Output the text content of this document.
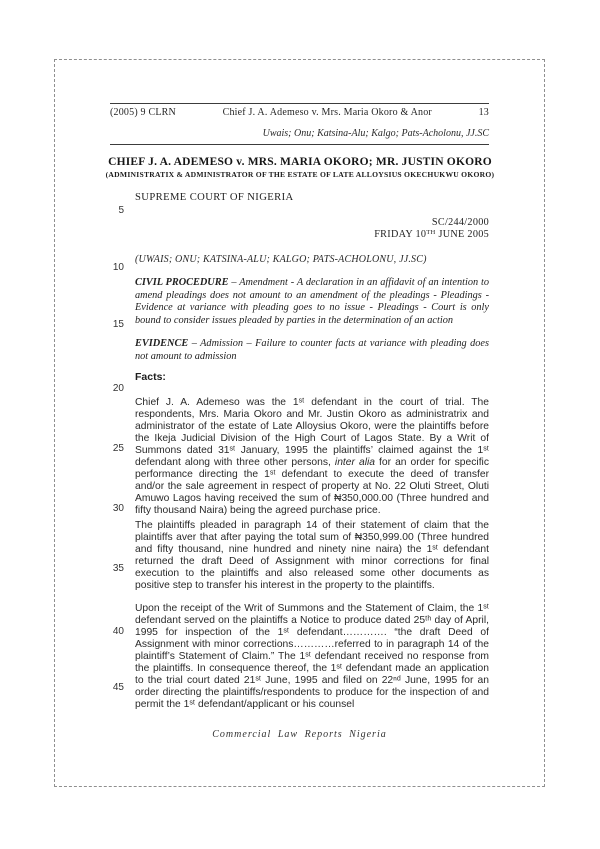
(2005) 9 CLRN	Chief J. A. Ademeso v. Mrs. Maria Okoro & Anor	13
Uwais; Onu; Katsina-Alu; Kalgo; Pats-Acholonu, JJ.SC
CHIEF J. A. ADEMESO v. MRS. MARIA OKORO; MR. JUSTIN OKORO
(ADMINISTRATIX & ADMINISTRATOR OF THE ESTATE OF LATE ALLOYSIUS OKECHUKWU OKORO)
SUPREME COURT OF NIGERIA
SC/244/2000
FRIDAY 10TH JUNE 2005
(UWAIS; ONU; KATSINA-ALU; KALGO; PATS-ACHOLONU, JJ.SC)
CIVIL PROCEDURE – Amendment - A declaration in an affidavit of an intention to amend pleadings does not amount to an amendment of the pleadings - Pleadings - Evidence at variance with pleading goes to no issue - Pleadings - Court is only bound to consider issues pleaded by parties in the determination of an action
EVIDENCE – Admission – Failure to counter facts at variance with pleading does not amount to admission
Facts:
Chief J. A. Ademeso was the 1ˢᵗ defendant in the court of trial. The respondents, Mrs. Maria Okoro and Mr. Justin Okoro as administratrix and administrator of the estate of Late Alloysius Okoro, were the plaintiffs before the Ikeja Judicial Division of the High Court of Lagos State. By a Writ of Summons dated 31ˢᵗ January, 1995 the plaintiffs’ claimed against the 1ˢᵗ defendant along with three other persons, inter alia for an order for specific performance directing the 1ˢᵗ defendant to execute the deed of transfer and/or the sale agreement in respect of property at No. 22 Oluti Street, Oluti Amuwo Lagos having received the sum of ₦350,000.00 (Three hundred and fifty thousand Naira) being the agreed purchase price.
The plaintiffs pleaded in paragraph 14 of their statement of claim that the plaintiffs aver that after paying the total sum of ₦350,999.00 (Three hundred and fifty thousand, nine hundred and ninety nine naira) the 1ˢᵗ defendant returned the draft Deed of Assignment with minor corrections for final execution to the plaintiffs and also released some other documents as positive step to transfer his interest in the property to the plaintiffs.
Upon the receipt of the Writ of Summons and the Statement of Claim, the 1ˢᵗ defendant served on the plaintiffs a Notice to produce dated 25ᵗʰ day of April, 1995 for inspection of the 1ˢᵗ defendant…………. “the draft Deed of Assignment with minor corrections…………referred to in paragraph 14 of the plaintiff’s Statement of Claim.” The 1ˢᵗ defendant received no response from the plaintiffs. In consequence thereof, the 1ˢᵗ defendant made an application to the trial court dated 21ˢᵗ June, 1995 and filed on 22ⁿᵈ June, 1995 for an order directing the plaintiffs/respondents to produce for the inspection of and permit the 1ˢᵗ defendant/applicant or his counsel
5
10
15
20
25
30
35
40
45
Commercial Law Reports Nigeria
